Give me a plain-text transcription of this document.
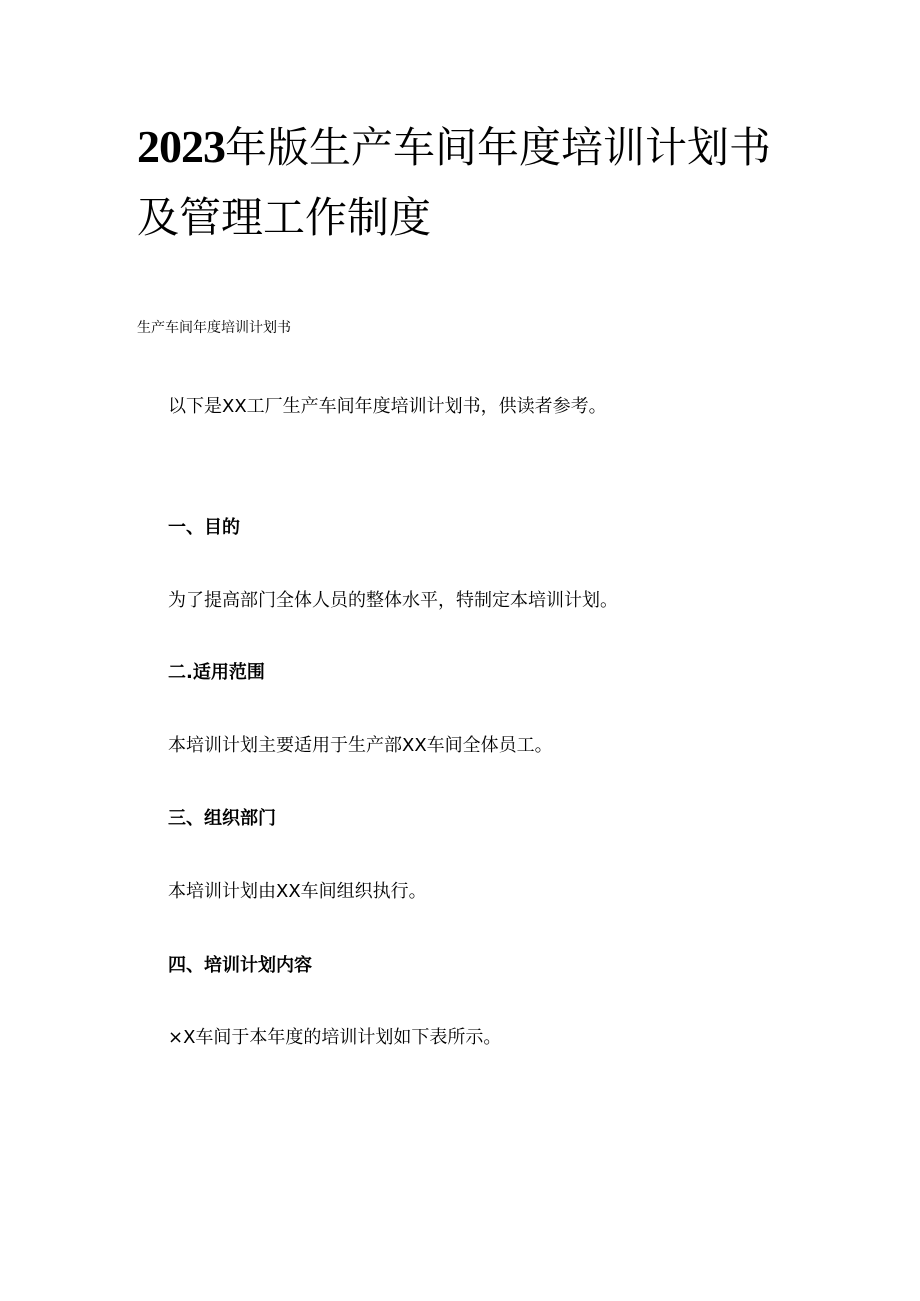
2023年版生产车间年度培训计划书
及管理工作制度
生产车间年度培训计划书
以下是XX工厂生产车间年度培训计划书，供读者参考。
一、目的
为了提高部门全体人员的整体水平，特制定本培训计划。
二.适用范围
本培训计划主要适用于生产部XX车间全体员工。
三、组织部门
本培训计划由XX车间组织执行。
四、培训计划内容
×X车间于本年度的培训计划如下表所示。
